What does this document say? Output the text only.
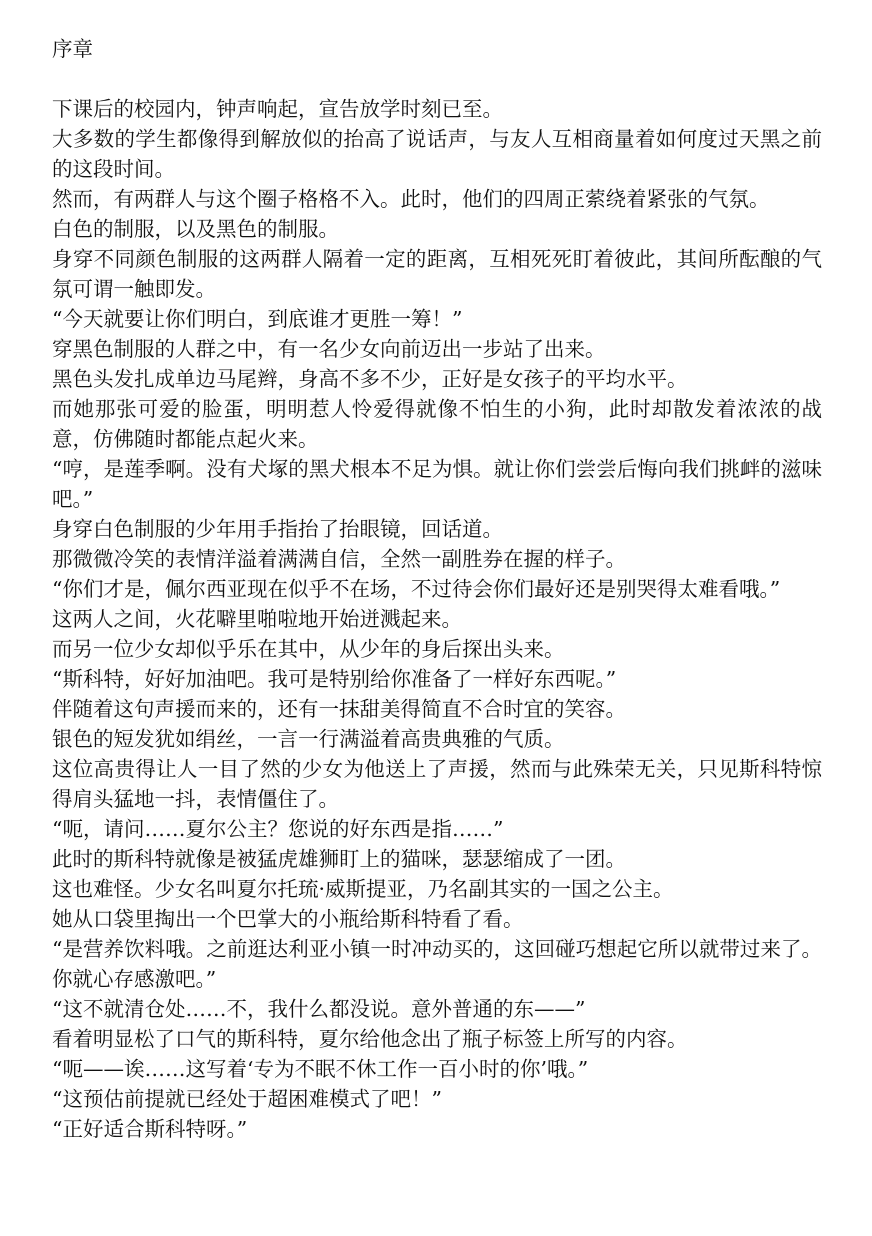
序章

下课后的校园内，钟声响起，宣告放学时刻已至。

大多数的学生都像得到解放似的抬高了说话声，与友人互相商量着如何度过天黑之前的这段时间。

然而，有两群人与这个圈子格格不入。此时，他们的四周正萦绕着紧张的气氛。

白色的制服，以及黑色的制服。

身穿不同颜色制服的这两群人隔着一定的距离，互相死死盯着彼此，其间所酝酿的气氛可谓一触即发。

“今天就要让你们明白，到底谁才更胜一筹！”

穿黑色制服的人群之中，有一名少女向前迈出一步站了出来。

黑色头发扎成单边马尾辫，身高不多不少，正好是女孩子的平均水平。

而她那张可爱的脸蛋，明明惹人怜爱得就像不怕生的小狗，此时却散发着浓浓的战意，仿佛随时都能点起火来。

“哼，是莲季啊。没有犬塚的黑犬根本不足为惧。就让你们尝尝后悔向我们挑衅的滋味吧。”

身穿白色制服的少年用手指抬了抬眼镜，回话道。

那微微冷笑的表情洋溢着满满自信，全然一副胜券在握的样子。

“你们才是，佩尔西亚现在似乎不在场，不过待会你们最好还是别哭得太难看哦。”

这两人之间，火花噼里啪啦地开始迸溅起来。

而另一位少女却似乎乐在其中，从少年的身后探出头来。

“斯科特，好好加油吧。我可是特别给你准备了一样好东西呢。”

伴随着这句声援而来的，还有一抹甜美得简直不合时宜的笑容。

银色的短发犹如绢丝，一言一行满溢着高贵典雅的气质。

这位高贵得让人一目了然的少女为他送上了声援，然而与此殊荣无关，只见斯科特惊得肩头猛地一抖，表情僵住了。

“呃，请问……夏尔公主？您说的好东西是指……”

此时的斯科特就像是被猛虎雄狮盯上的猫咪，瑟瑟缩成了一团。

这也难怪。少女名叫夏尔托琉·威斯提亚，乃名副其实的一国之公主。

她从口袋里掏出一个巴掌大的小瓶给斯科特看了看。

“是营养饮料哦。之前逛达利亚小镇一时冲动买的，这回碰巧想起它所以就带过来了。你就心存感激吧。”

“这不就清仓处……不，我什么都没说。意外普通的东——”

看着明显松了口气的斯科特，夏尔给他念出了瓶子标签上所写的内容。

“呃——诶……这写着‘专为不眠不休工作一百小时的你’哦。”

“这预估前提就已经处于超困难模式了吧！”

“正好适合斯科特呀。”
